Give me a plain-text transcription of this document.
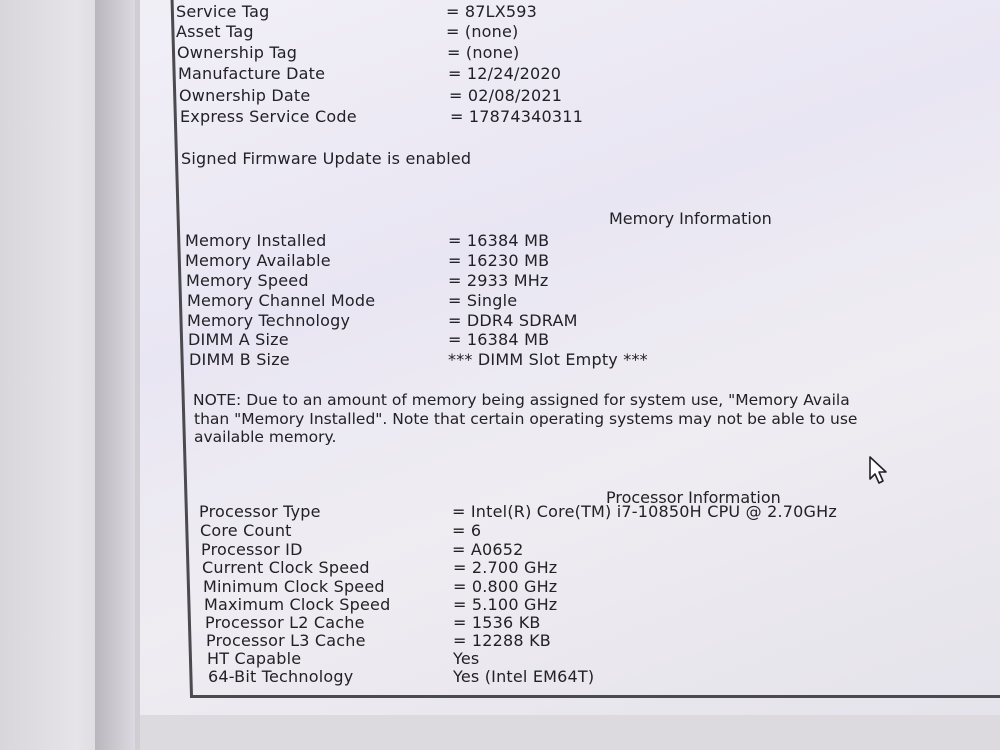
Service Tag	= 87LX593
Asset Tag	= (none)
Ownership Tag	= (none)
Manufacture Date	= 12/24/2020
Ownership Date	= 02/08/2021
Express Service Code	= 17874340311
Signed Firmware Update is enabled
Memory Information
Memory Installed	= 16384 MB
Memory Available	= 16230 MB
Memory Speed	= 2933 MHz
Memory Channel Mode	= Single
Memory Technology	= DDR4 SDRAM
DIMM A Size	= 16384 MB
DIMM B Size	*** DIMM Slot Empty ***
NOTE: Due to an amount of memory being assigned for system use, "Memory Availa
than "Memory Installed". Note that certain operating systems may not be able to use
available memory.
Processor Information
Processor Type	= Intel(R) Core(TM) i7-10850H CPU @ 2.70GHz
Core Count	= 6
Processor ID	= A0652
Current Clock Speed	= 2.700 GHz
Minimum Clock Speed	= 0.800 GHz
Maximum Clock Speed	= 5.100 GHz
Processor L2 Cache	= 1536 KB
Processor L3 Cache	= 12288 KB
HT Capable	Yes
64-Bit Technology	Yes (Intel EM64T)
